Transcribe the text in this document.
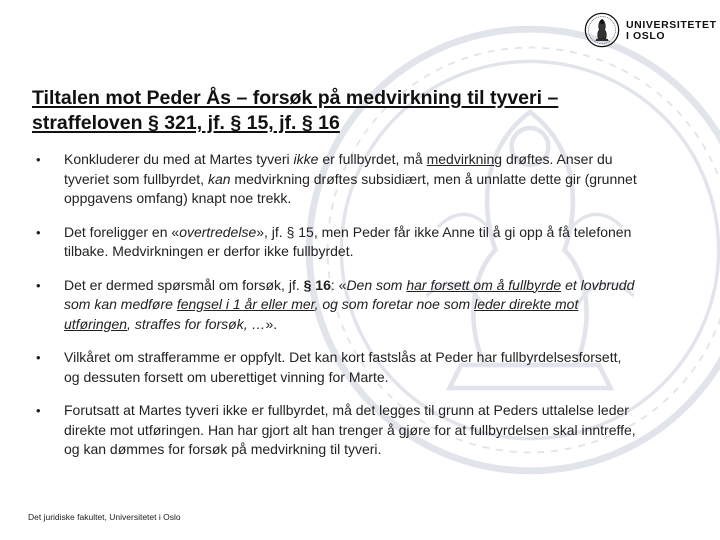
UNIVERSITETET
I OSLO
Tiltalen mot Peder Ås – forsøk på medvirkning til tyveri – straffeloven § 321, jf. § 15, jf. § 16
• Konkluderer du med at Martes tyveri ikke er fullbyrdet, må medvirkning drøftes. Anser du tyveriet som fullbyrdet, kan medvirkning drøftes subsidiært, men å unnlatte dette gir (grunnet oppgavens omfang) knapt noe trekk.
• Det foreligger en «overtredelse», jf. § 15, men Peder får ikke Anne til å gi opp å få telefonen tilbake. Medvirkningen er derfor ikke fullbyrdet.
• Det er dermed spørsmål om forsøk, jf. § 16: «Den som har forsett om å fullbyrde et lovbrudd som kan medføre fengsel i 1 år eller mer, og som foretar noe som leder direkte mot utføringen, straffes for forsøk, …».
• Vilkåret om strafferamme er oppfylt. Det kan kort fastslås at Peder har fullbyrdelsesforsett, og dessuten forsett om uberettiget vinning for Marte.
• Forutsatt at Martes tyveri ikke er fullbyrdet, må det legges til grunn at Peders uttalelse leder direkte mot utføringen. Han har gjort alt han trenger å gjøre for at fullbyrdelsen skal inntreffe, og kan dømmes for forsøk på medvirkning til tyveri.
Det juridiske fakultet, Universitetet i Oslo
